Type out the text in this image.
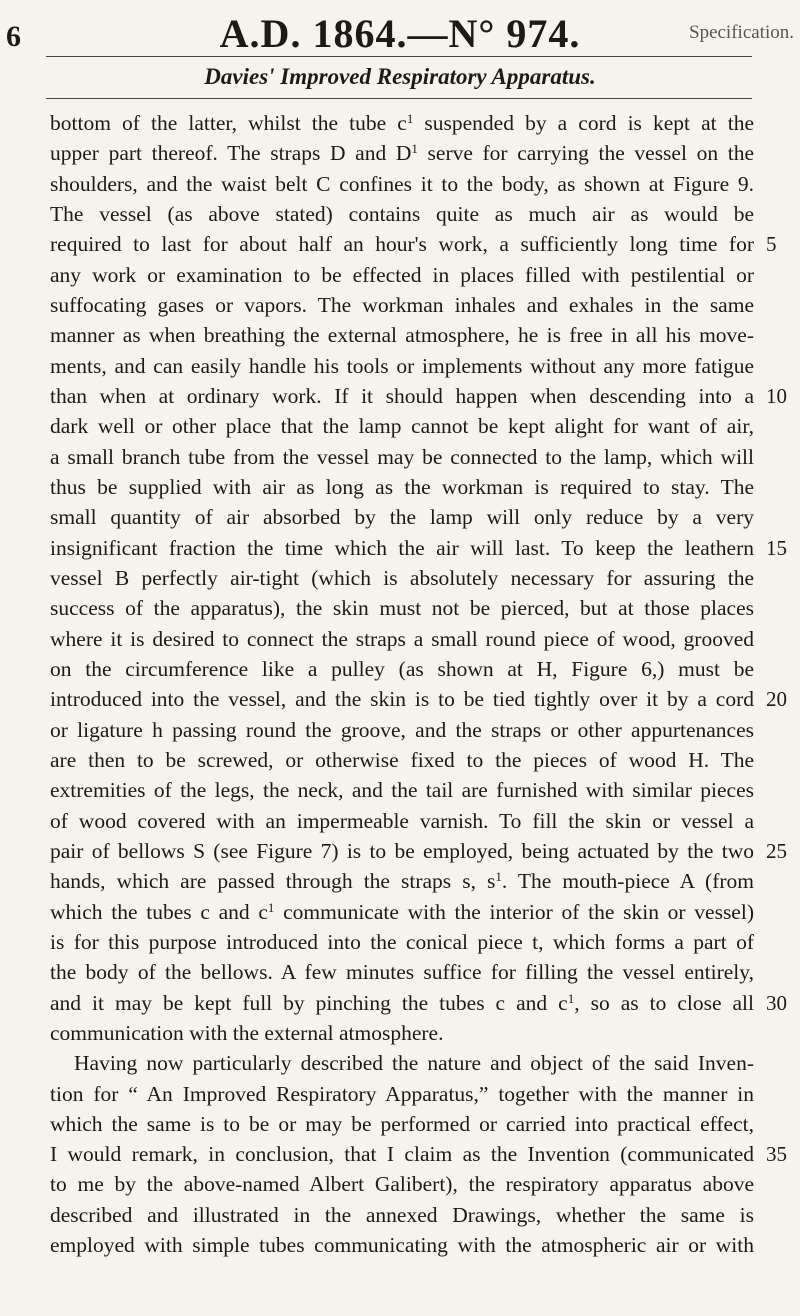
6	A.D. 1864.—N° 974.	Specification.
Davies' Improved Respiratory Apparatus.
bottom of the latter, whilst the tube $c^1$ suspended by a cord is kept at the
upper part thereof. The straps D and $D^1$ serve for carrying the vessel on the
shoulders, and the waist belt C confines it to the body, as shown at Figure 9.
The vessel (as above stated) contains quite as much air as would be
required to last for about half an hour's work, a sufficiently long time for 5
any work or examination to be effected in places filled with pestilential or
suffocating gases or vapors. The workman inhales and exhales in the same
manner as when breathing the external atmosphere, he is free in all his move-
ments, and can easily handle his tools or implements without any more fatigue
than when at ordinary work. If it should happen when descending into a 10
dark well or other place that the lamp cannot be kept alight for want of air,
a small branch tube from the vessel may be connected to the lamp, which will
thus be supplied with air as long as the workman is required to stay. The
small quantity of air absorbed by the lamp will only reduce by a very
insignificant fraction the time which the air will last. To keep the leathern 15
vessel B perfectly air-tight (which is absolutely necessary for assuring the
success of the apparatus), the skin must not be pierced, but at those places
where it is desired to connect the straps a small round piece of wood, grooved
on the circumference like a pulley (as shown at H, Figure 6,) must be
introduced into the vessel, and the skin is to be tied tightly over it by a cord 20
or ligature h passing round the groove, and the straps or other appurtenances
are then to be screwed, or otherwise fixed to the pieces of wood H. The
extremities of the legs, the neck, and the tail are furnished with similar pieces
of wood covered with an impermeable varnish. To fill the skin or vessel a
pair of bellows S (see Figure 7) is to be employed, being actuated by the two 25
hands, which are passed through the straps s, $s^1$. The mouth-piece A (from
which the tubes c and $c^1$ communicate with the interior of the skin or vessel)
is for this purpose introduced into the conical piece t, which forms a part of
the body of the bellows. A few minutes suffice for filling the vessel entirely,
and it may be kept full by pinching the tubes c and $c^1$, so as to close all 30
communication with the external atmosphere.
Having now particularly described the nature and object of the said Inven-
tion for “ An Improved Respiratory Apparatus,” together with the manner in
which the same is to be or may be performed or carried into practical effect,
I would remark, in conclusion, that I claim as the Invention (communicated 35
to me by the above-named Albert Galibert), the respiratory apparatus above
described and illustrated in the annexed Drawings, whether the same is
employed with simple tubes communicating with the atmospheric air or with
